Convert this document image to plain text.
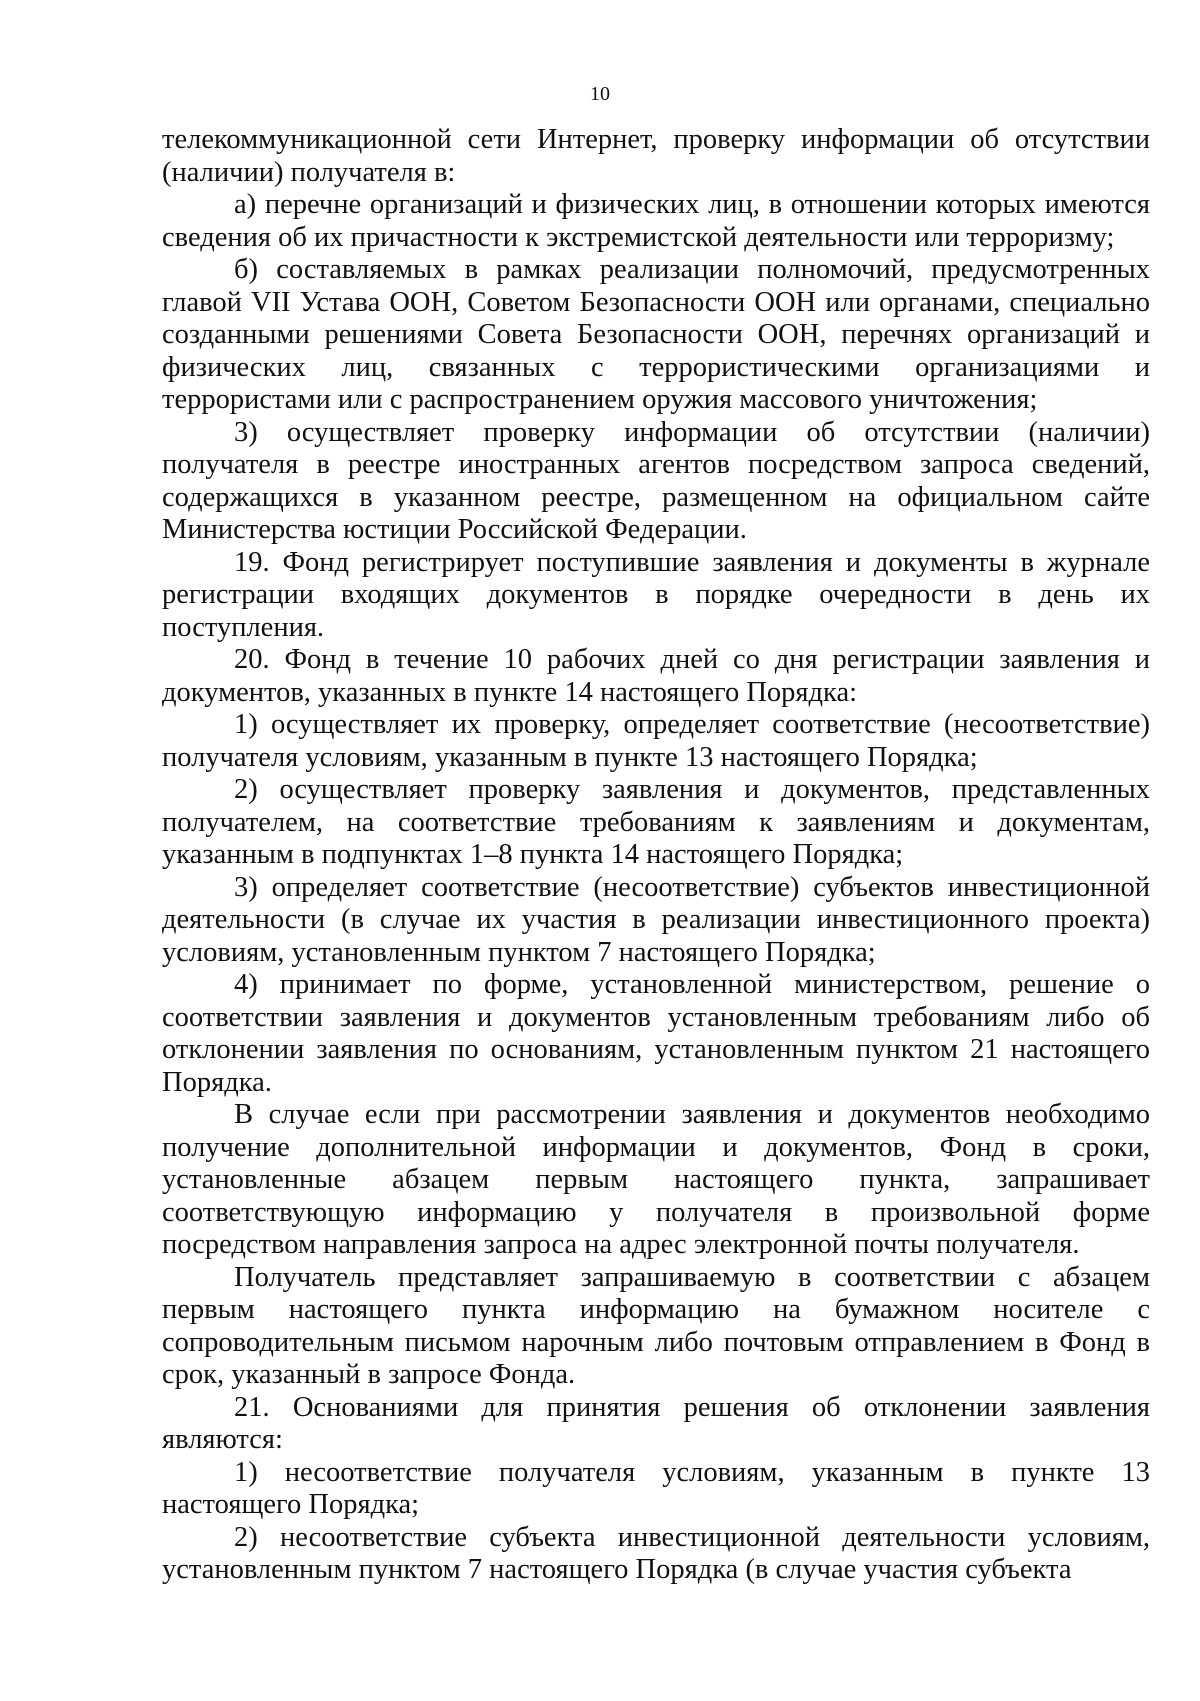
10

телекоммуникационной сети Интернет, проверку информации об отсутствии (наличии) получателя в:

а) перечне организаций и физических лиц, в отношении которых имеются сведения об их причастности к экстремистской деятельности или терроризму;

б) составляемых в рамках реализации полномочий, предусмотренных главой VII Устава ООН, Советом Безопасности ООН или органами, специально созданными решениями Совета Безопасности ООН, перечнях организаций и физических лиц, связанных с террористическими организациями и террористами или с распространением оружия массового уничтожения;

3) осуществляет проверку информации об отсутствии (наличии) получателя в реестре иностранных агентов посредством запроса сведений, содержащихся в указанном реестре, размещенном на официальном сайте Министерства юстиции Российской Федерации.

19. Фонд регистрирует поступившие заявления и документы в журнале регистрации входящих документов в порядке очередности в день их поступления.

20. Фонд в течение 10 рабочих дней со дня регистрации заявления и документов, указанных в пункте 14 настоящего Порядка:

1) осуществляет их проверку, определяет соответствие (несоответствие) получателя условиям, указанным в пункте 13 настоящего Порядка;

2) осуществляет проверку заявления и документов, представленных получателем, на соответствие требованиям к заявлениям и документам, указанным в подпунктах 1–8 пункта 14 настоящего Порядка;

3) определяет соответствие (несоответствие) субъектов инвестиционной деятельности (в случае их участия в реализации инвестиционного проекта) условиям, установленным пунктом 7 настоящего Порядка;

4) принимает по форме, установленной министерством, решение о соответствии заявления и документов установленным требованиям либо об отклонении заявления по основаниям, установленным пунктом 21 настоящего Порядка.

В случае если при рассмотрении заявления и документов необходимо получение дополнительной информации и документов, Фонд в сроки, установленные абзацем первым настоящего пункта, запрашивает соответствующую информацию у получателя в произвольной форме посредством направления запроса на адрес электронной почты получателя.

Получатель представляет запрашиваемую в соответствии с абзацем первым настоящего пункта информацию на бумажном носителе с сопроводительным письмом нарочным либо почтовым отправлением в Фонд в срок, указанный в запросе Фонда.

21. Основаниями для принятия решения об отклонении заявления являются:

1) несоответствие получателя условиям, указанным в пункте 13 настоящего Порядка;

2) несоответствие субъекта инвестиционной деятельности условиям, установленным пунктом 7 настоящего Порядка (в случае участия субъекта
